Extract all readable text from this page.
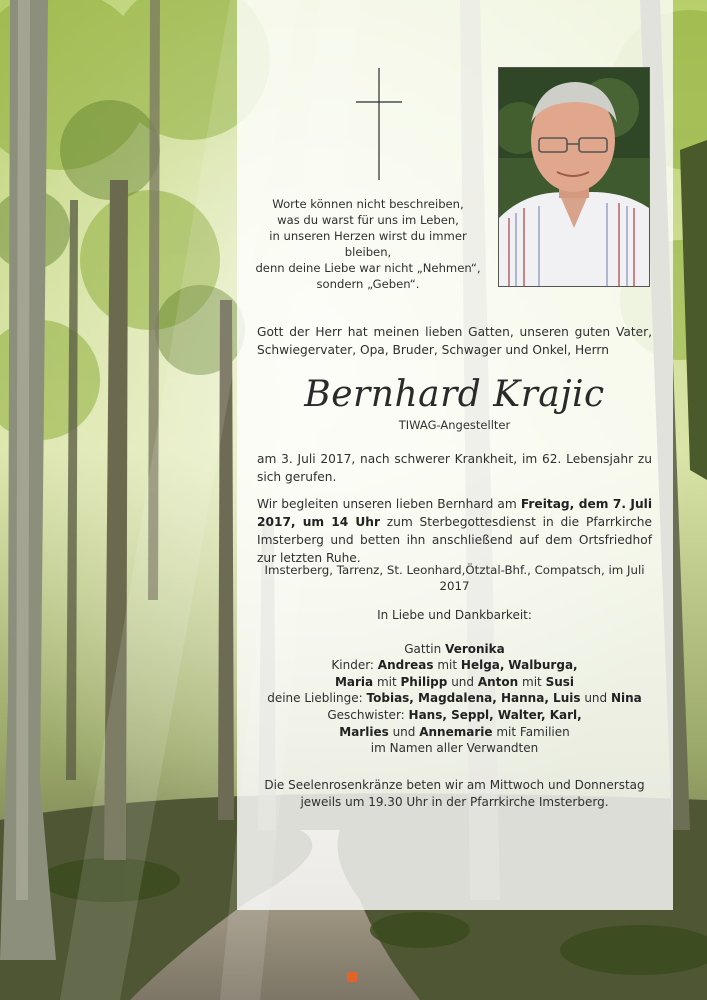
Worte können nicht beschreiben,
was du warst für uns im Leben,
in unseren Herzen wirst du immer bleiben,
denn deine Liebe war nicht „Nehmen“,
sondern „Geben“.
Gott der Herr hat meinen lieben Gatten, unseren guten Vater, Schwiegervater, Opa, Bruder, Schwager und Onkel, Herrn
Bernhard Krajic
TIWAG-Angestellter
am 3. Juli 2017, nach schwerer Krankheit, im 62. Lebensjahr zu sich gerufen.
Wir begleiten unseren lieben Bernhard am Freitag, dem 7. Juli 2017, um 14 Uhr zum Sterbegottesdienst in die Pfarrkirche Imsterberg und betten ihn anschließend auf dem Ortsfriedhof zur letzten Ruhe.
Imsterberg, Tarrenz, St. Leonhard,Ötztal-Bhf., Compatsch, im Juli 2017
In Liebe und Dankbarkeit:
Gattin Veronika
Kinder: Andreas mit Helga, Walburga,
Maria mit Philipp und Anton mit Susi
deine Lieblinge: Tobias, Magdalena, Hanna, Luis und Nina
Geschwister: Hans, Seppl, Walter, Karl,
Marlies und Annemarie mit Familien
im Namen aller Verwandten
Die Seelenrosenkränze beten wir am Mittwoch und Donnerstag
jeweils um 19.30 Uhr in der Pfarrkirche Imsterberg.
